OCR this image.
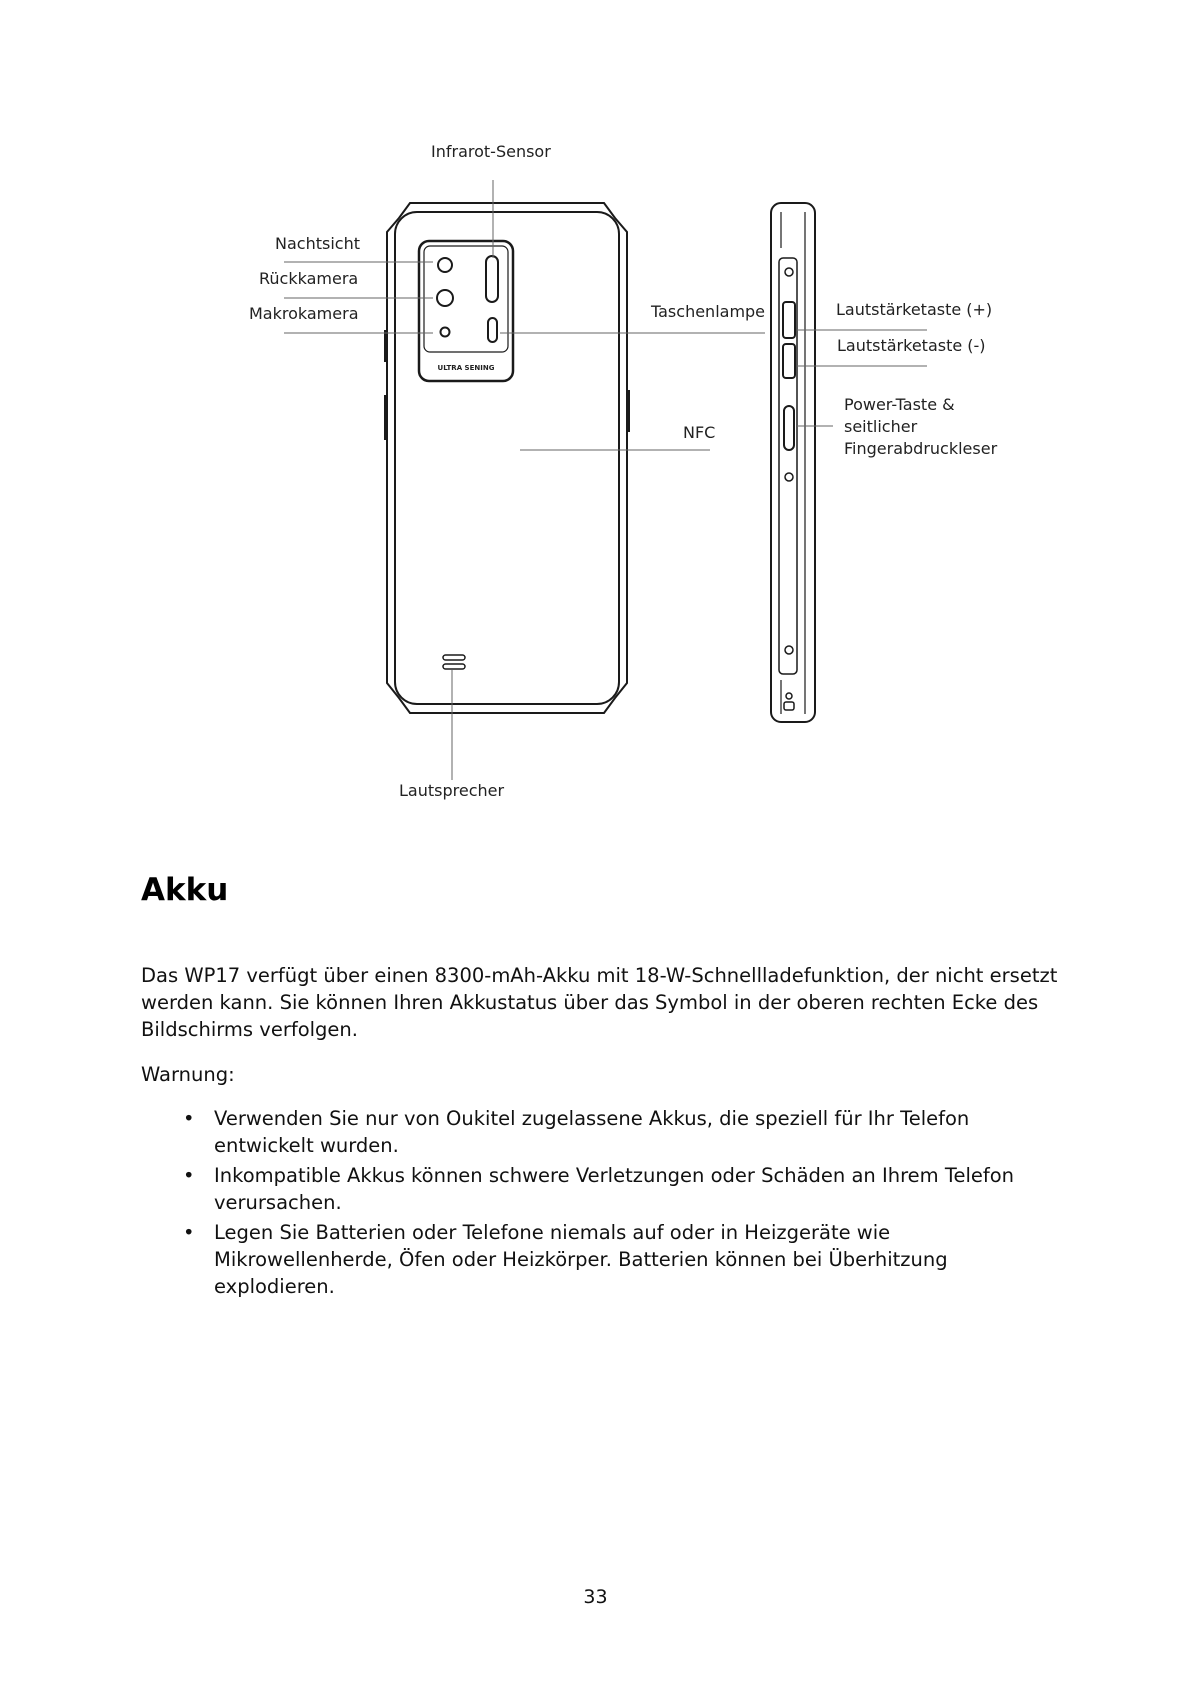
ULTRA SENING
Infrarot-Sensor
Nachtsicht
Rückkamera
Makrokamera	Taschenlampe
NFC
Lautsprecher
Lautstärketaste (+)
Lautstärketaste (-)
Power-Taste &
seitlicher
Fingerabdruckleser
Akku

Das WP17 verfügt über einen 8300-mAh-Akku mit 18-W-Schnellladefunktion, der nicht ersetzt werden kann. Sie können Ihren Akkustatus über das Symbol in der oberen rechten Ecke des Bildschirms verfolgen.

Warnung:

• Verwenden Sie nur von Oukitel zugelassene Akkus, die speziell für Ihr Telefon entwickelt wurden.
• Inkompatible Akkus können schwere Verletzungen oder Schäden an Ihrem Telefon verursachen.
• Legen Sie Batterien oder Telefone niemals auf oder in Heizgeräte wie Mikrowellenherde, Öfen oder Heizkörper. Batterien können bei Überhitzung explodieren.
33
